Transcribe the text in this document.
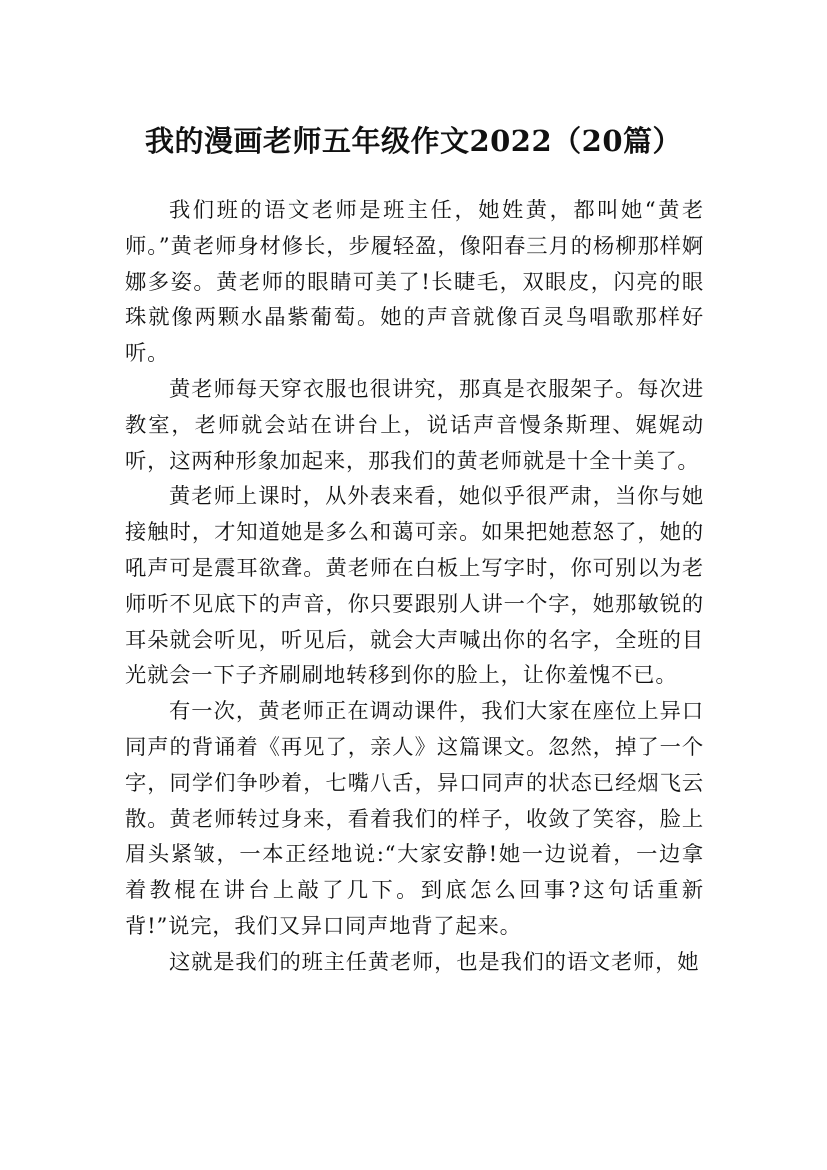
我的漫画老师五年级作文2022（20篇）

我们班的语文老师是班主任，她姓黄，都叫她“黄老师。”黄老师身材修长，步履轻盈，像阳春三月的杨柳那样婀娜多姿。黄老师的眼睛可美了!长睫毛，双眼皮，闪亮的眼珠就像两颗水晶紫葡萄。她的声音就像百灵鸟唱歌那样好听。

黄老师每天穿衣服也很讲究，那真是衣服架子。每次进教室，老师就会站在讲台上，说话声音慢条斯理、娓娓动听，这两种形象加起来，那我们的黄老师就是十全十美了。

黄老师上课时，从外表来看，她似乎很严肃，当你与她接触时，才知道她是多么和蔼可亲。如果把她惹怒了，她的吼声可是震耳欲聋。黄老师在白板上写字时，你可别以为老师听不见底下的声音，你只要跟别人讲一个字，她那敏锐的耳朵就会听见，听见后，就会大声喊出你的名字，全班的目光就会一下子齐刷刷地转移到你的脸上，让你羞愧不已。

有一次，黄老师正在调动课件，我们大家在座位上异口同声的背诵着《再见了，亲人》这篇课文。忽然，掉了一个字，同学们争吵着，七嘴八舌，异口同声的状态已经烟飞云散。黄老师转过身来，看着我们的样子，收敛了笑容，脸上眉头紧皱，一本正经地说:“大家安静!她一边说着，一边拿着教棍在讲台上敲了几下。到底怎么回事?这句话重新背!”说完，我们又异口同声地背了起来。

这就是我们的班主任黄老师，也是我们的语文老师，她
